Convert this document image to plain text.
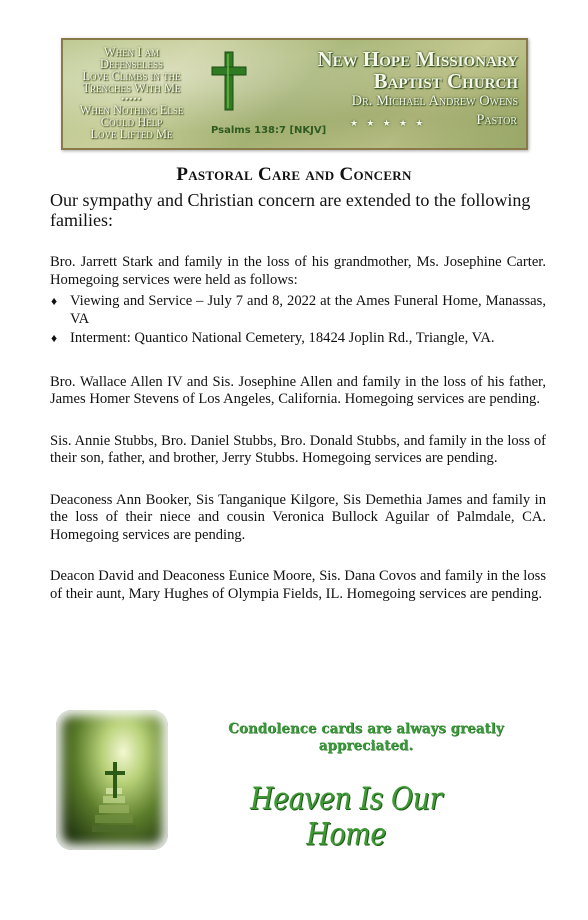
When I am
Defenseless
Love Climbs in the
Trenches With Me
•••••
When Nothing Else
Could Help
Love Lifted Me
New Hope Missionary
Baptist Church
Dr. Michael Andrew Owens
★ ★ ★ ★ ★	Pastor
Psalms 138:7 [NKJV]
Pastoral Care and Concern
Our sympathy and Christian concern are extended to the following families:

Bro. Jarrett Stark and family in the loss of his grandmother, Ms. Josephine Carter. Homegoing services were held as follows:

♦ Viewing and Service – July 7 and 8, 2022 at the Ames Funeral Home, Manassas, VA
♦ Interment: Quantico National Cemetery, 18424 Joplin Rd., Triangle, VA.

Bro. Wallace Allen IV and Sis. Josephine Allen and family in the loss of his father, James Homer Stevens of Los Angeles, California. Homegoing services are pending.

Sis. Annie Stubbs, Bro. Daniel Stubbs, Bro. Donald Stubbs, and family in the loss of their son, father, and brother, Jerry Stubbs. Homegoing services are pending.

Deaconess Ann Booker, Sis Tanganique Kilgore, Sis Demethia James and family in the loss of their niece and cousin Veronica Bullock Aguilar of Palmdale, CA. Homegoing services are pending.

Deacon David and Deaconess Eunice Moore, Sis. Dana Covos and family in the loss of their aunt, Mary Hughes of Olympia Fields, IL. Homegoing services are pending.

Condolence cards are always greatly appreciated.
Heaven Is Our Home
